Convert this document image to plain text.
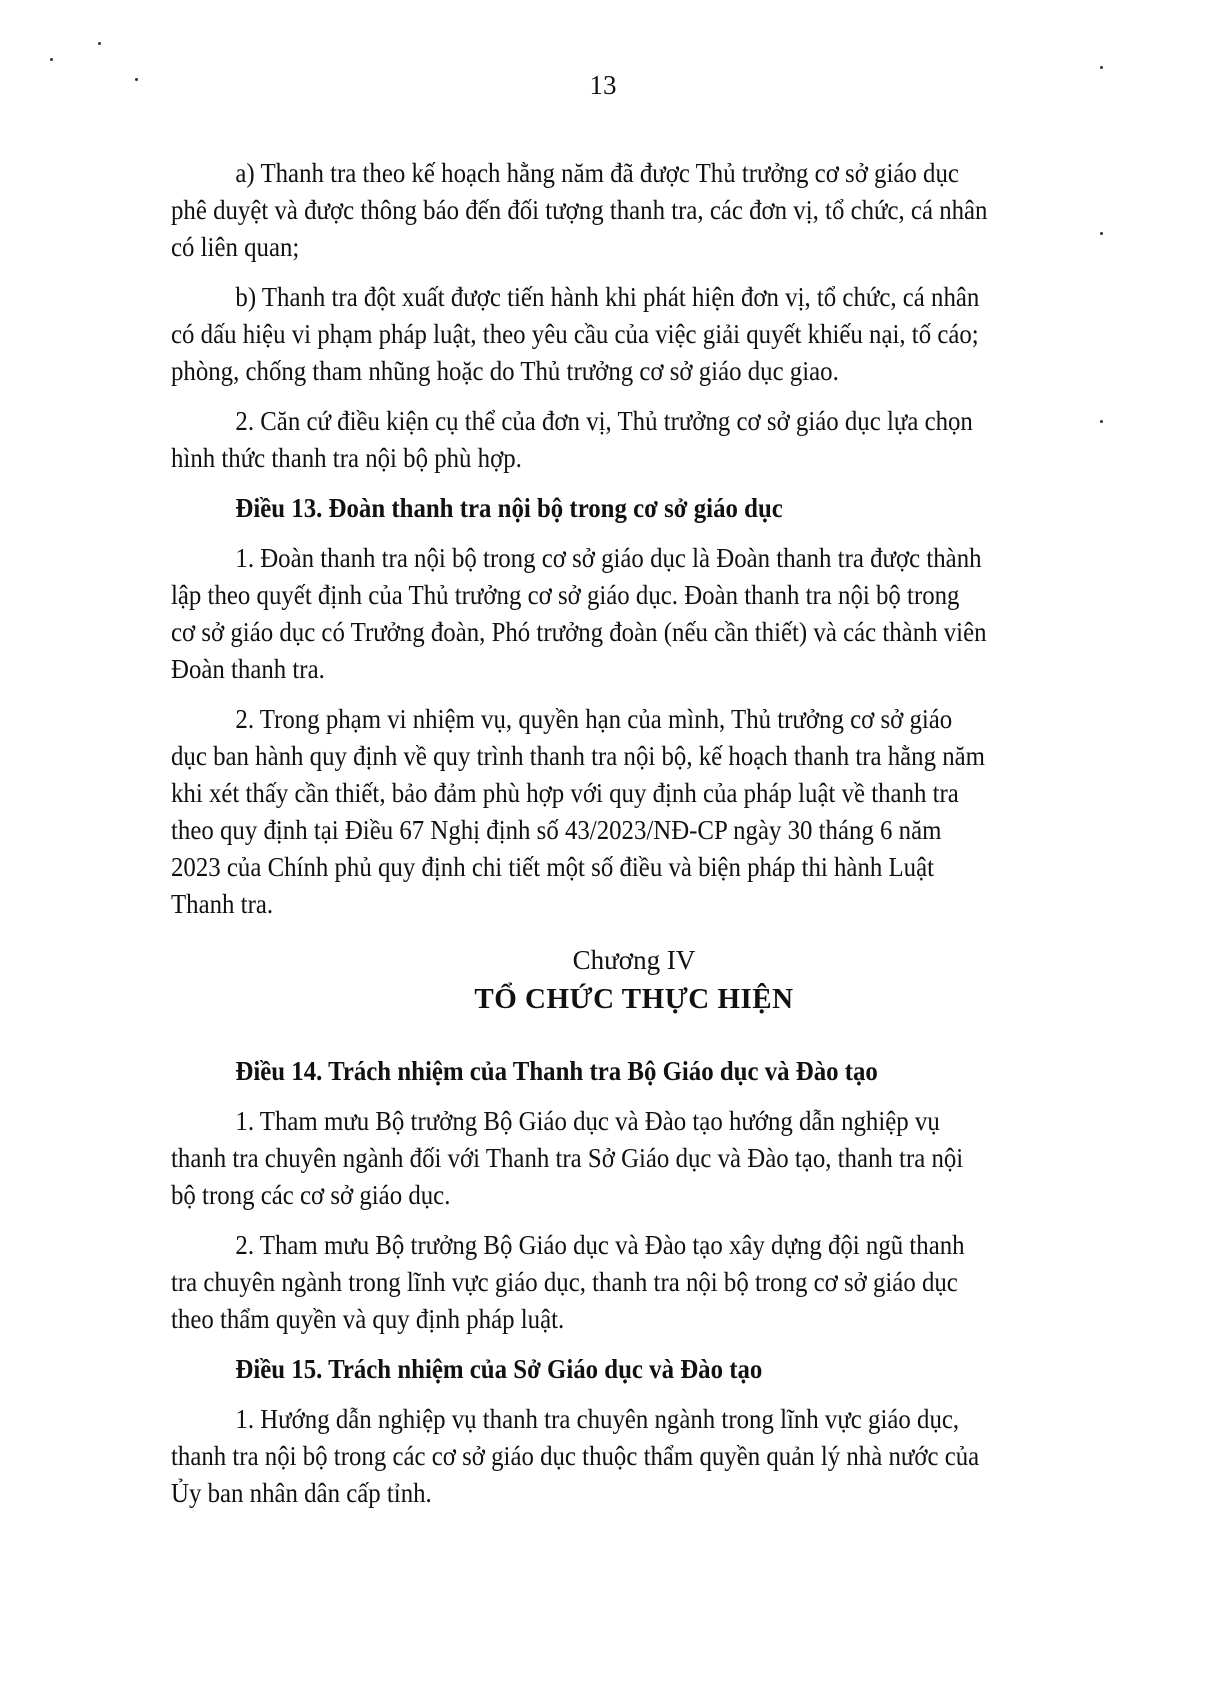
13
a) Thanh tra theo kế hoạch hằng năm đã được Thủ trưởng cơ sở giáo dục
phê duyệt và được thông báo đến đối tượng thanh tra, các đơn vị, tổ chức, cá nhân
có liên quan;
b) Thanh tra đột xuất được tiến hành khi phát hiện đơn vị, tổ chức, cá nhân
có dấu hiệu vi phạm pháp luật, theo yêu cầu của việc giải quyết khiếu nại, tố cáo;
phòng, chống tham nhũng hoặc do Thủ trưởng cơ sở giáo dục giao.
2. Căn cứ điều kiện cụ thể của đơn vị, Thủ trưởng cơ sở giáo dục lựa chọn
hình thức thanh tra nội bộ phù hợp.
Điều 13. Đoàn thanh tra nội bộ trong cơ sở giáo dục
1. Đoàn thanh tra nội bộ trong cơ sở giáo dục là Đoàn thanh tra được thành
lập theo quyết định của Thủ trưởng cơ sở giáo dục. Đoàn thanh tra nội bộ trong
cơ sở giáo dục có Trưởng đoàn, Phó trưởng đoàn (nếu cần thiết) và các thành viên
Đoàn thanh tra.
2. Trong phạm vi nhiệm vụ, quyền hạn của mình, Thủ trưởng cơ sở giáo
dục ban hành quy định về quy trình thanh tra nội bộ, kế hoạch thanh tra hằng năm
khi xét thấy cần thiết, bảo đảm phù hợp với quy định của pháp luật về thanh tra
theo quy định tại Điều 67 Nghị định số 43/2023/NĐ-CP ngày 30 tháng 6 năm
2023 của Chính phủ quy định chi tiết một số điều và biện pháp thi hành Luật
Thanh tra.
Chương IV
TỔ CHỨC THỰC HIỆN
Điều 14. Trách nhiệm của Thanh tra Bộ Giáo dục và Đào tạo
1. Tham mưu Bộ trưởng Bộ Giáo dục và Đào tạo hướng dẫn nghiệp vụ
thanh tra chuyên ngành đối với Thanh tra Sở Giáo dục và Đào tạo, thanh tra nội
bộ trong các cơ sở giáo dục.
2. Tham mưu Bộ trưởng Bộ Giáo dục và Đào tạo xây dựng đội ngũ thanh
tra chuyên ngành trong lĩnh vực giáo dục, thanh tra nội bộ trong cơ sở giáo dục
theo thẩm quyền và quy định pháp luật.
Điều 15. Trách nhiệm của Sở Giáo dục và Đào tạo
1. Hướng dẫn nghiệp vụ thanh tra chuyên ngành trong lĩnh vực giáo dục,
thanh tra nội bộ trong các cơ sở giáo dục thuộc thẩm quyền quản lý nhà nước của
Ủy ban nhân dân cấp tỉnh.
